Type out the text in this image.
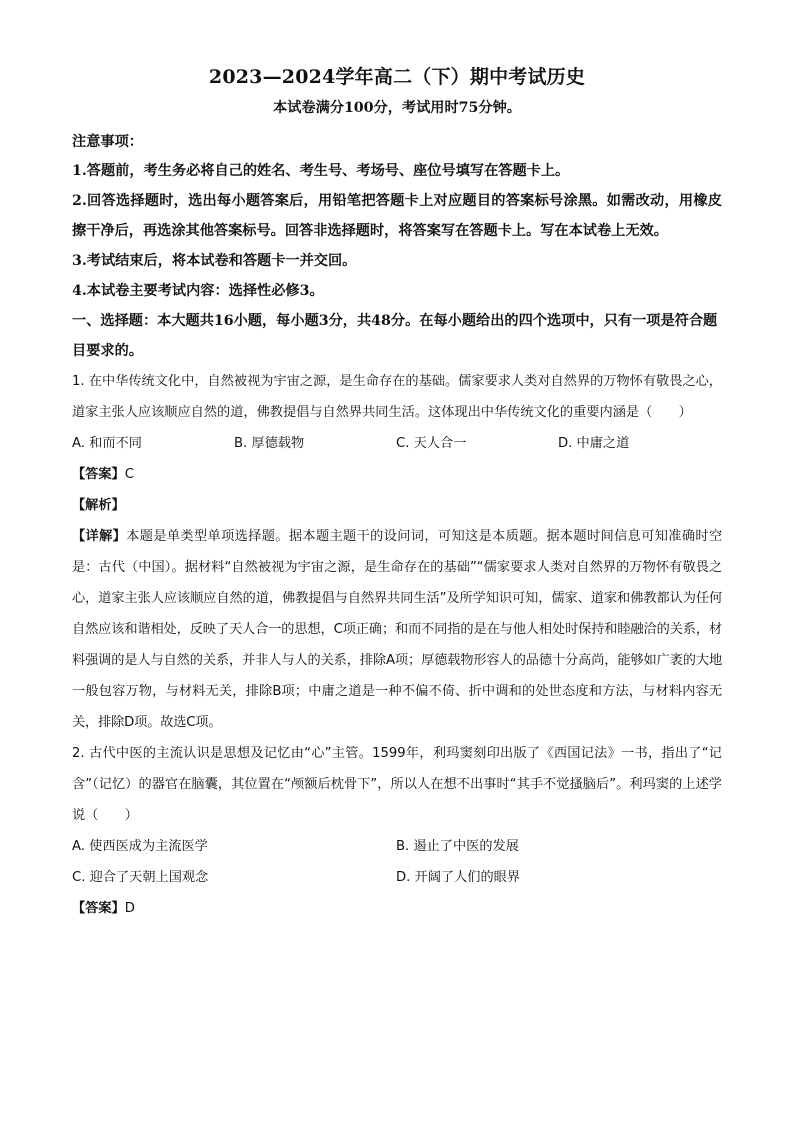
2023—2024学年高二（下）期中考试历史

本试卷满分100分，考试用时75分钟。

注意事项：

1.答题前，考生务必将自己的姓名、考生号、考场号、座位号填写在答题卡上。

2.回答选择题时，选出每小题答案后，用铅笔把答题卡上对应题目的答案标号涂黑。如需改动，用橡皮擦干净后，再选涂其他答案标号。回答非选择题时，将答案写在答题卡上。写在本试卷上无效。

3.考试结束后，将本试卷和答题卡一并交回。

4.本试卷主要考试内容：选择性必修3。

一、选择题：本大题共16小题，每小题3分，共48分。在每小题给出的四个选项中，只有一项是符合题目要求的。

1. 在中华传统文化中，自然被视为宇宙之源，是生命存在的基础。儒家要求人类对自然界的万物怀有敬畏之心，道家主张人应该顺应自然的道，佛教提倡与自然界共同生活。这体现出中华传统文化的重要内涵是（　　）

A. 和而不同	B. 厚德载物	C. 天人合一	D. 中庸之道

【答案】C

【解析】

【详解】本题是单类型单项选择题。据本题主题干的设问词，可知这是本质题。据本题时间信息可知准确时空是：古代（中国）。据材料“自然被视为宇宙之源，是生命存在的基础”“儒家要求人类对自然界的万物怀有敬畏之心，道家主张人应该顺应自然的道，佛教提倡与自然界共同生活”及所学知识可知，儒家、道家和佛教都认为任何自然应该和谐相处，反映了天人合一的思想，C项正确；和而不同指的是在与他人相处时保持和睦融洽的关系，材料强调的是人与自然的关系，并非人与人的关系，排除A项；厚德载物形容人的品德十分高尚，能够如广袤的大地一般包容万物，与材料无关，排除B项；中庸之道是一种不偏不倚、折中调和的处世态度和方法，与材料内容无关，排除D项。故选C项。

2. 古代中医的主流认识是思想及记忆由“心”主管。1599年，利玛窦刻印出版了《西国记法》一书，指出了“记含”（记忆）的器官在脑囊，其位置在“颅额后枕骨下”，所以人在想不出事时“其手不觉搔脑后”。利玛窦的上述学说（　　）

A. 使西医成为主流医学	B. 遏止了中医的发展
C. 迎合了天朝上国观念	D. 开阔了人们的眼界

【答案】D
